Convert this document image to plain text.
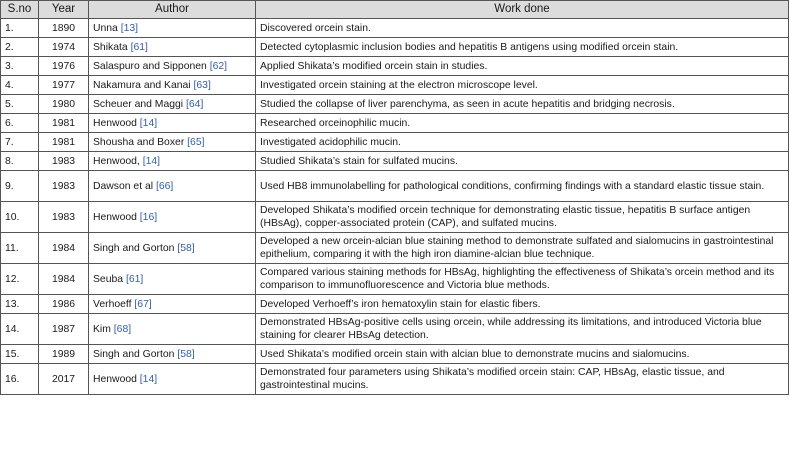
S.no	Year	Author	Work done
1.	1890	Unna [13]	Discovered orcein stain.
2.	1974	Shikata [61]	Detected cytoplasmic inclusion bodies and hepatitis B antigens using modified orcein stain.
3.	1976	Salaspuro and Sipponen [62]	Applied Shikata’s modified orcein stain in studies.
4.	1977	Nakamura and Kanai [63]	Investigated orcein staining at the electron microscope level.
5.	1980	Scheuer and Maggi [64]	Studied the collapse of liver parenchyma, as seen in acute hepatitis and bridging necrosis.
6.	1981	Henwood [14]	Researched orceinophilic mucin.
7.	1981	Shousha and Boxer [65]	Investigated acidophilic mucin.
8.	1983	Henwood, [14]	Studied Shikata’s stain for sulfated mucins.
9.	1983	Dawson et al [66]	Used HB8 immunolabelling for pathological conditions, confirming findings with a standard elastic tissue stain.
10.	1983	Henwood [16]	Developed Shikata’s modified orcein technique for demonstrating elastic tissue, hepatitis B surface antigen (HBsAg), copper-associated protein (CAP), and sulfated mucins.
11.	1984	Singh and Gorton [58]	Developed a new orcein-alcian blue staining method to demonstrate sulfated and sialomucins in gastrointestinal epithelium, comparing it with the high iron diamine-alcian blue technique.
12.	1984	Seuba [61]	Compared various staining methods for HBsAg, highlighting the effectiveness of Shikata’s orcein method and its comparison to immunofluorescence and Victoria blue methods.
13.	1986	Verhoeff [67]	Developed Verhoeff’s iron hematoxylin stain for elastic fibers.
14.	1987	Kim [68]	Demonstrated HBsAg-positive cells using orcein, while addressing its limitations, and introduced Victoria blue staining for clearer HBsAg detection.
15.	1989	Singh and Gorton [58]	Used Shikata’s modified orcein stain with alcian blue to demonstrate mucins and sialomucins.
16.	2017	Henwood [14]	Demonstrated four parameters using Shikata’s modified orcein stain: CAP, HBsAg, elastic tissue, and gastrointestinal mucins.
